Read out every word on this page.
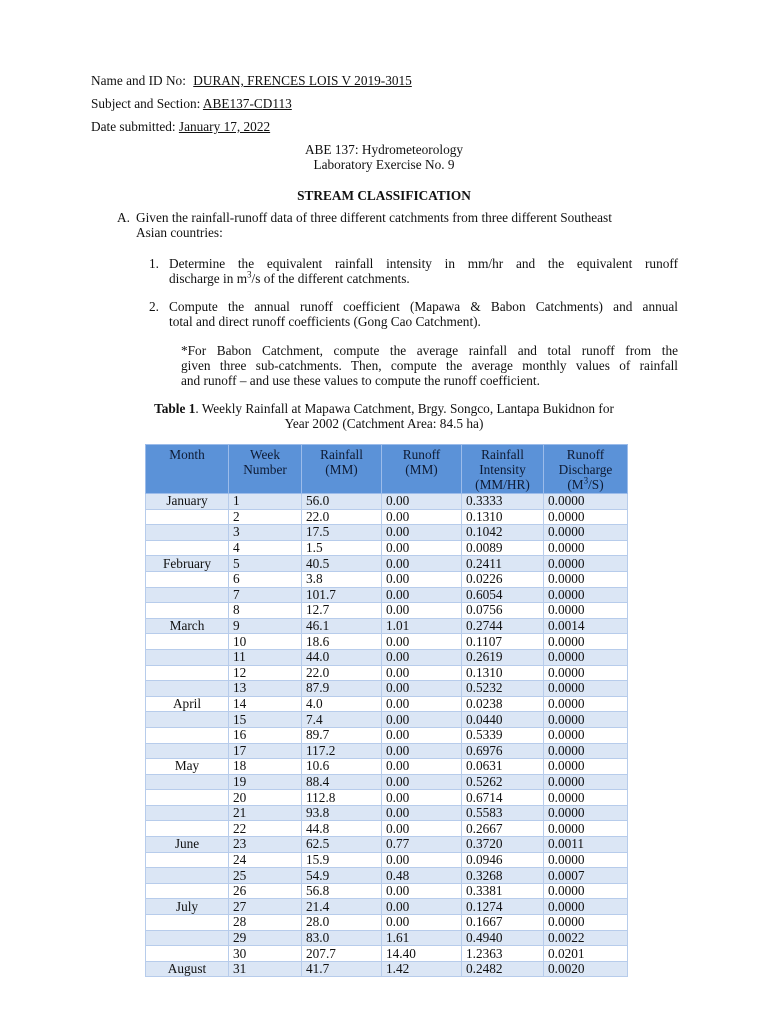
Name and ID No: DURAN, FRENCES LOIS V 2019-3015
Subject and Section: ABE137-CD113
Date submitted: January 17, 2022
ABE 137: Hydrometeorology
Laboratory Exercise No. 9
STREAM CLASSIFICATION
A. Given the rainfall-runoff data of three different catchments from three different Southeast
Asian countries:
1. Determine the equivalent rainfall intensity in mm/hr and the equivalent runoff
discharge in $m^3/s$ of the different catchments.
2. Compute the annual runoff coefficient (Mapawa & Babon Catchments) and annual
total and direct runoff coefficients (Gong Cao Catchment).
*For Babon Catchment, compute the average rainfall and total runoff from the
given three sub-catchments. Then, compute the average monthly values of rainfall
and runoff – and use these values to compute the runoff coefficient.
Table 1. Weekly Rainfall at Mapawa Catchment, Brgy. Songco, Lantapa Bukidnon for
Year 2002 (Catchment Area: 84.5 ha)
Month	Week Number	Rainfall (MM)	Runoff (MM)	Rainfall Intensity (MM/HR)	Runoff Discharge $(M^3/S)$
January	1	56.0	0.00	0.3333	0.0000
	2	22.0	0.00	0.1310	0.0000
	3	17.5	0.00	0.1042	0.0000
	4	1.5	0.00	0.0089	0.0000
February	5	40.5	0.00	0.2411	0.0000
	6	3.8	0.00	0.0226	0.0000
	7	101.7	0.00	0.6054	0.0000
	8	12.7	0.00	0.0756	0.0000
March	9	46.1	1.01	0.2744	0.0014
	10	18.6	0.00	0.1107	0.0000
	11	44.0	0.00	0.2619	0.0000
	12	22.0	0.00	0.1310	0.0000
	13	87.9	0.00	0.5232	0.0000
April	14	4.0	0.00	0.0238	0.0000
	15	7.4	0.00	0.0440	0.0000
	16	89.7	0.00	0.5339	0.0000
	17	117.2	0.00	0.6976	0.0000
May	18	10.6	0.00	0.0631	0.0000
	19	88.4	0.00	0.5262	0.0000
	20	112.8	0.00	0.6714	0.0000
	21	93.8	0.00	0.5583	0.0000
	22	44.8	0.00	0.2667	0.0000
June	23	62.5	0.77	0.3720	0.0011
	24	15.9	0.00	0.0946	0.0000
	25	54.9	0.48	0.3268	0.0007
	26	56.8	0.00	0.3381	0.0000
July	27	21.4	0.00	0.1274	0.0000
	28	28.0	0.00	0.1667	0.0000
	29	83.0	1.61	0.4940	0.0022
	30	207.7	14.40	1.2363	0.0201
August	31	41.7	1.42	0.2482	0.0020
